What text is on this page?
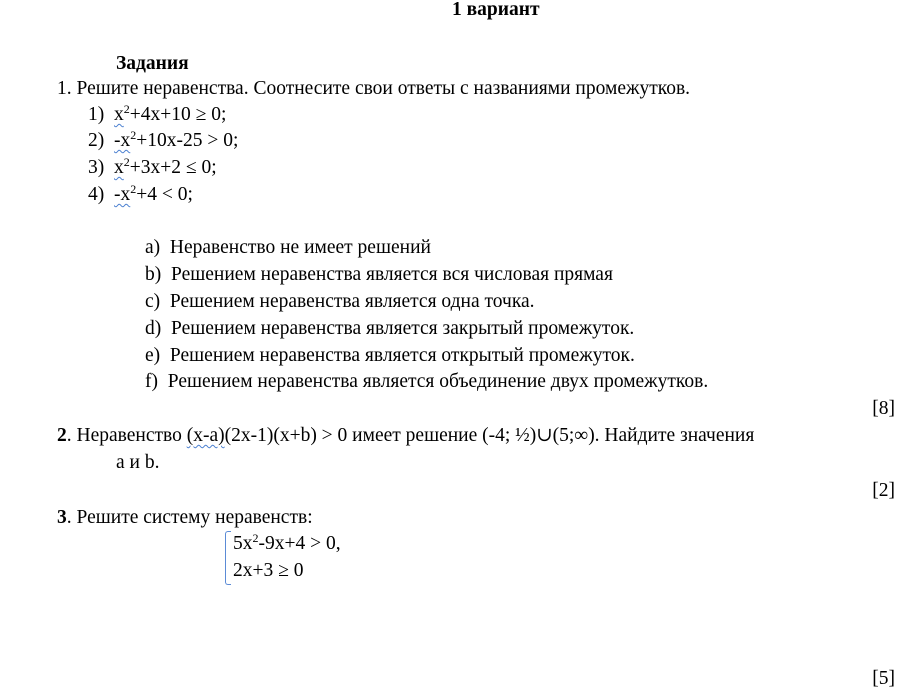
1 вариант
Задания
1. Решите неравенства. Соотнесите свои ответы с названиями промежутков.
1) $x^2+4x+10 \ge 0$;
2) $-x^2+10x-25 > 0$;
3) $x^2+3x+2 \le 0$;
4) $-x^2+4 < 0$;
a) Неравенство не имеет решений
b) Решением неравенства является вся числовая прямая
c) Решением неравенства является одна точка.
d) Решением неравенства является закрытый промежуток.
e) Решением неравенства является открытый промежуток.
f) Решением неравенства является объединение двух промежутков.
[8]
2. Неравенство (x-a)(2x-1)(x+b) > 0 имеет решение (-4; ½)∪(5;∞). Найдите значения
a и b.
[2]
3. Решите систему неравенств:
$5x^2-9x+4 > 0$,
2x+3 ≥ 0
[5]
